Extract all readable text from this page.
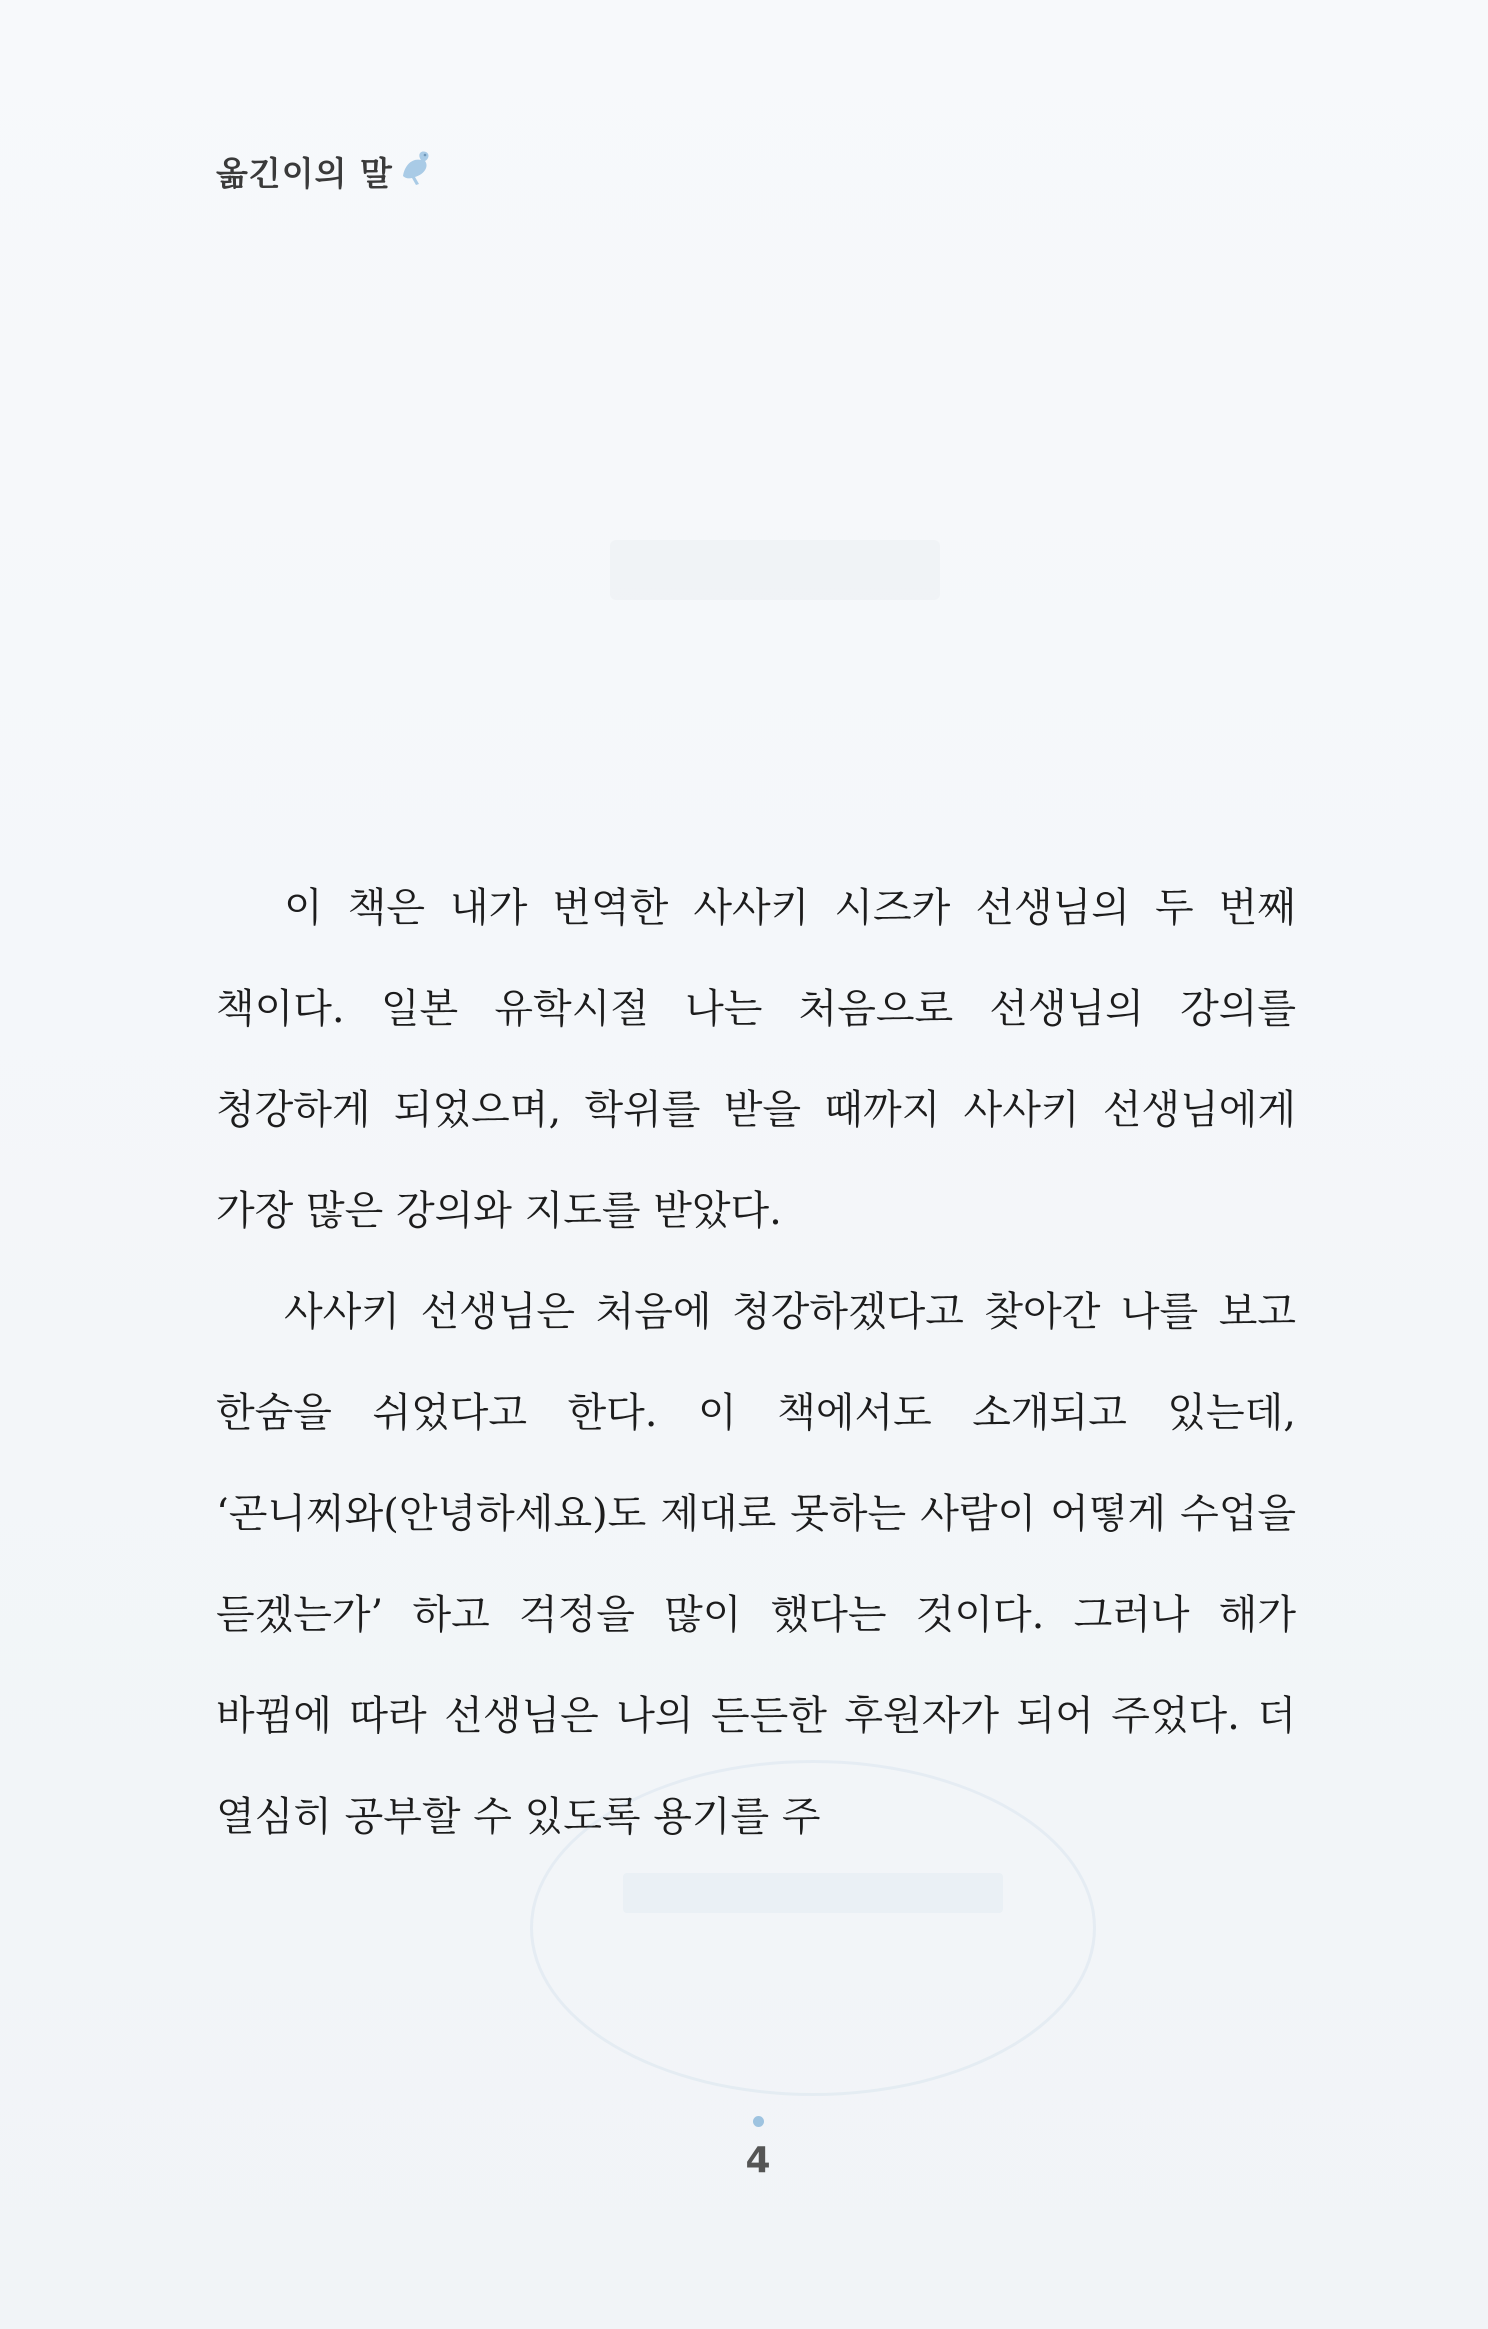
옮긴이의 말

이 책은 내가 번역한 사사키 시즈카 선생님의 두 번째 책이다. 일본 유학시절 나는 처음으로 선생님의 강의를 청강하게 되었으며, 학위를 받을 때까지 사사키 선생님에게 가장 많은 강의와 지도를 받았다.

사사키 선생님은 처음에 청강하겠다고 찾아간 나를 보고 한숨을 쉬었다고 한다. 이 책에서도 소개되고 있는데, ‘곤니찌와(안녕하세요)도 제대로 못하는 사람이 어떻게 수업을 듣겠는가’ 하고 걱정을 많이 했다는 것이다. 그러나 해가 바뀜에 따라 선생님은 나의 든든한 후원자가 되어 주었다. 더 열심히 공부할 수 있도록 용기를 주

4
